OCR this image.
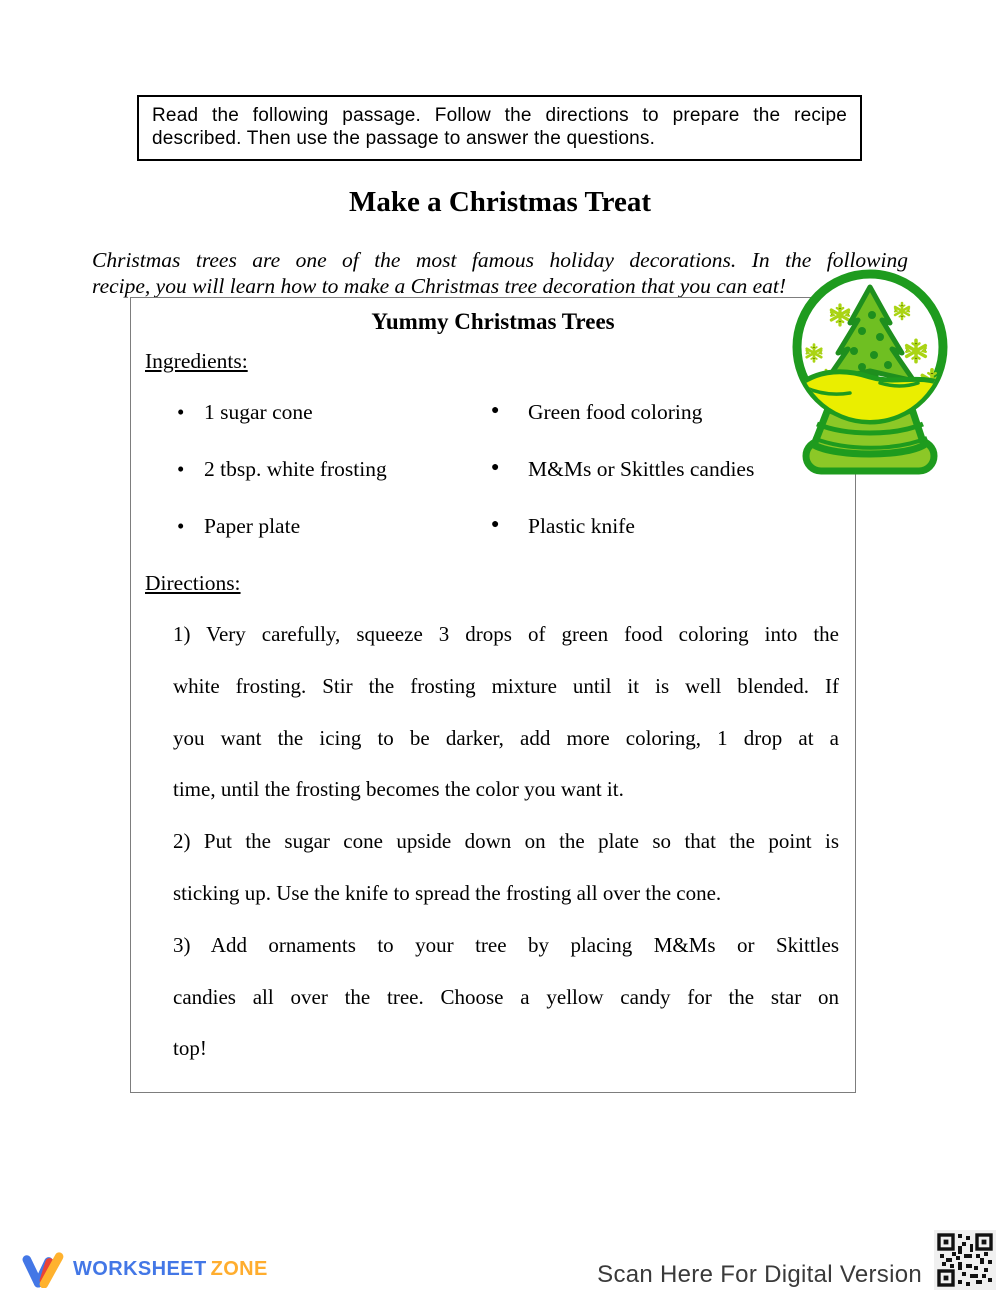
Read the following passage. Follow the directions to prepare the recipe
described. Then use the passage to answer the questions.
Make a Christmas Treat
Christmas trees are one of the most famous holiday decorations. In the following
recipe, you will learn how to make a Christmas tree decoration that you can eat!
Yummy Christmas Trees
Ingredients:
• 1 sugar cone
• 2 tbsp. white frosting
• Paper plate
● Green food coloring
● M&Ms or Skittles candies
● Plastic knife
Directions:
1) Very carefully, squeeze 3 drops of green food coloring into the
white frosting. Stir the frosting mixture until it is well blended. If
you want the icing to be darker, add more coloring, 1 drop at a
time, until the frosting becomes the color you want it.
2) Put the sugar cone upside down on the plate so that the point is
sticking up. Use the knife to spread the frosting all over the cone.
3) Add ornaments to your tree by placing M&Ms or Skittles
candies all over the tree. Choose a yellow candy for the star on
top!
WORKSHEET ZONE	Scan Here For Digital Version
